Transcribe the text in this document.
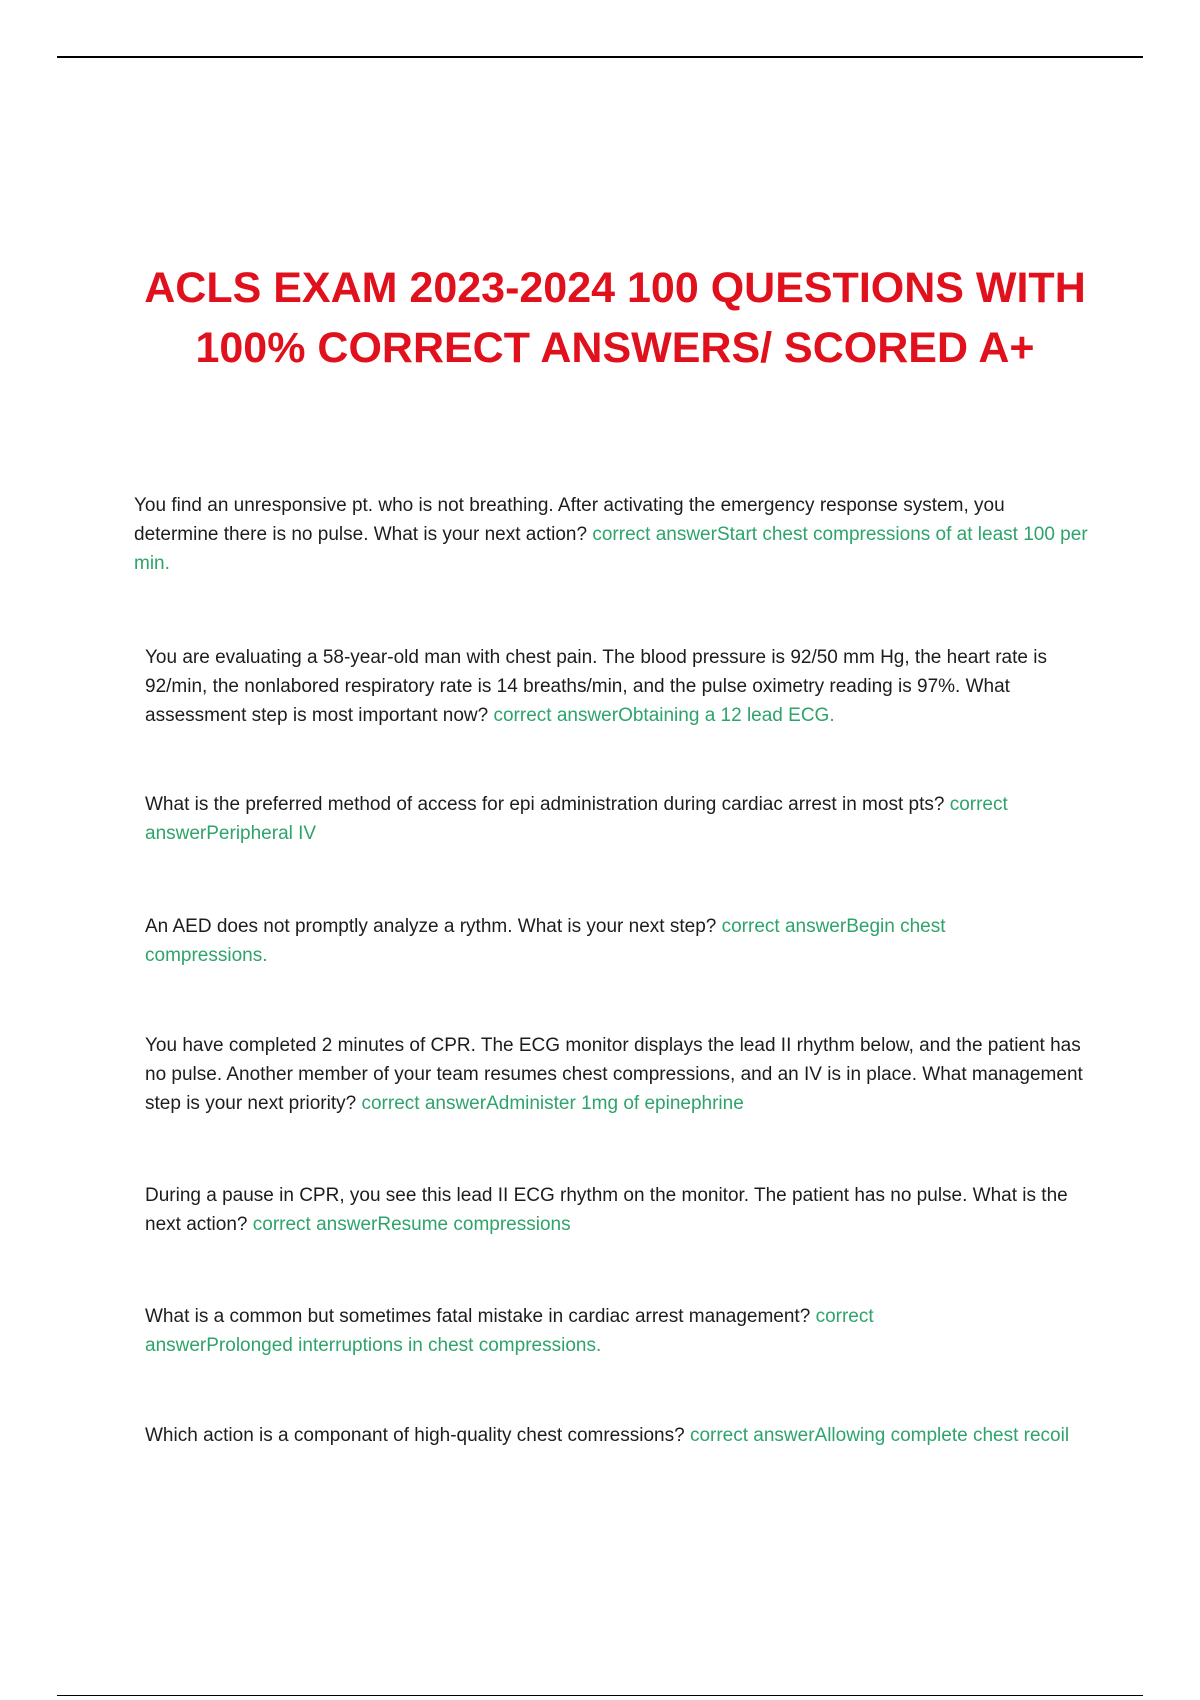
ACLS EXAM 2023-2024 100 QUESTIONS WITH 100% CORRECT ANSWERS/ SCORED A+
You find an unresponsive pt. who is not breathing. After activating the emergency response system, you determine there is no pulse. What is your next action? correct answerStart chest compressions of at least 100 per min.
You are evaluating a 58-year-old man with chest pain. The blood pressure is 92/50 mm Hg, the heart rate is 92/min, the nonlabored respiratory rate is 14 breaths/min, and the pulse oximetry reading is 97%. What assessment step is most important now? correct answerObtaining a 12 lead ECG.
What is the preferred method of access for epi administration during cardiac arrest in most pts? correct answerPeripheral IV
An AED does not promptly analyze a rythm. What is your next step? correct answerBegin chest compressions.
You have completed 2 minutes of CPR. The ECG monitor displays the lead II rhythm below, and the patient has no pulse. Another member of your team resumes chest compressions, and an IV is in place. What management step is your next priority? correct answerAdminister 1mg of epinephrine
During a pause in CPR, you see this lead II ECG rhythm on the monitor. The patient has no pulse. What is the next action? correct answerResume compressions
What is a common but sometimes fatal mistake in cardiac arrest management? correct answerProlonged interruptions in chest compressions.
Which action is a componant of high-quality chest comressions? correct answerAllowing complete chest recoil
